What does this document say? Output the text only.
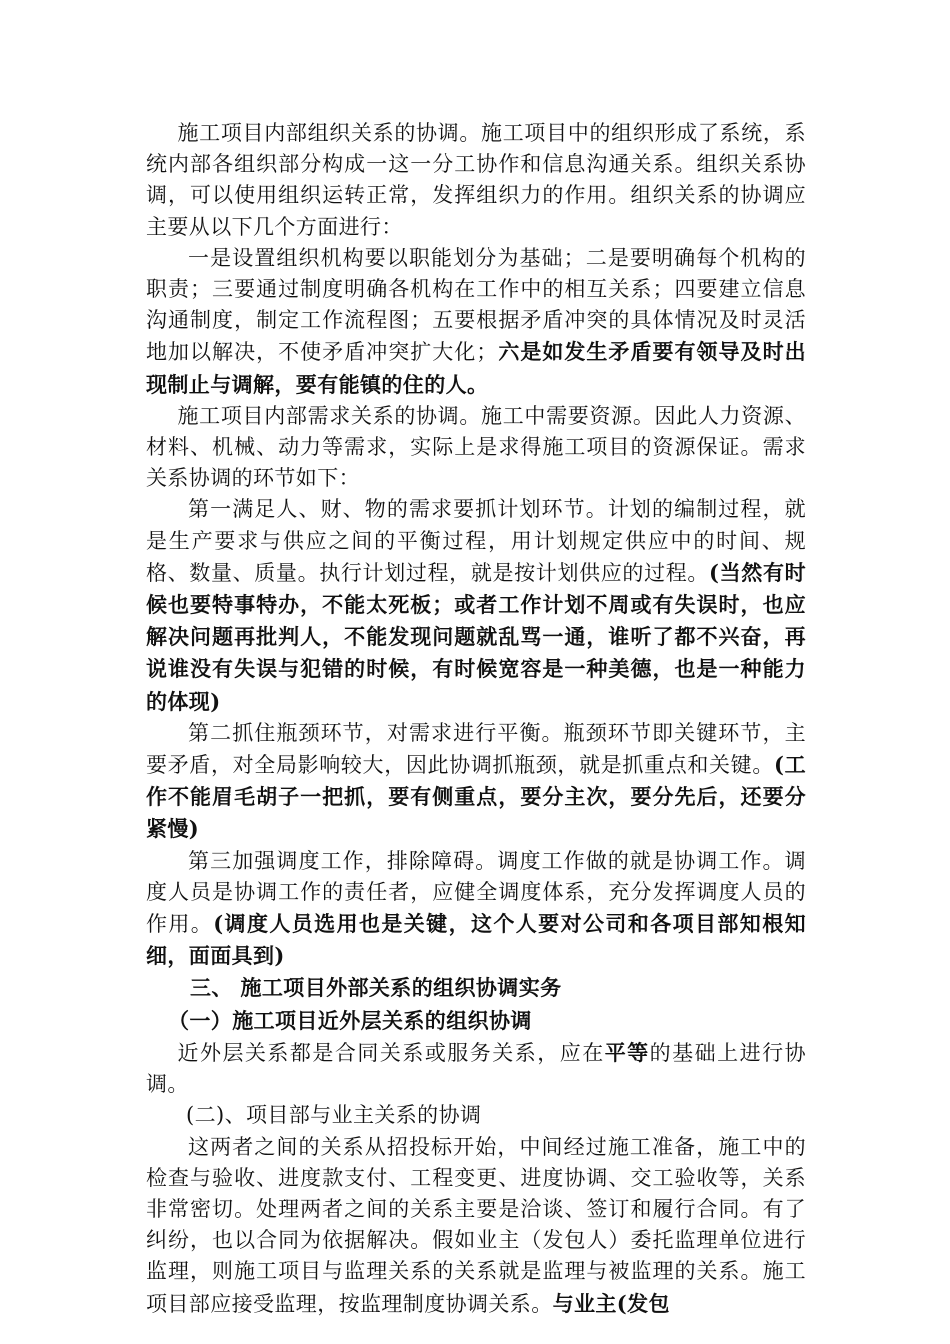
施工项目内部组织关系的协调。施工项目中的组织形成了系统，系统内部各组织部分构成一这一分工协作和信息沟通关系。组织关系协调，可以使用组织运转正常，发挥组织力的作用。组织关系的协调应主要从以下几个方面进行：

一是设置组织机构要以职能划分为基础；二是要明确每个机构的职责；三要通过制度明确各机构在工作中的相互关系；四要建立信息沟通制度，制定工作流程图；五要根据矛盾冲突的具体情况及时灵活地加以解决，不使矛盾冲突扩大化；六是如发生矛盾要有领导及时出现制止与调解，要有能镇的住的人。

施工项目内部需求关系的协调。施工中需要资源。因此人力资源、材料、机械、动力等需求，实际上是求得施工项目的资源保证。需求关系协调的环节如下：

第一满足人、财、物的需求要抓计划环节。计划的编制过程，就是生产要求与供应之间的平衡过程，用计划规定供应中的时间、规格、数量、质量。执行计划过程，就是按计划供应的过程。(当然有时候也要特事特办，不能太死板；或者工作计划不周或有失误时，也应解决问题再批判人，不能发现问题就乱骂一通，谁听了都不兴奋，再说谁没有失误与犯错的时候，有时候宽容是一种美德，也是一种能力的体现)

第二抓住瓶颈环节，对需求进行平衡。瓶颈环节即关键环节，主要矛盾，对全局影响较大，因此协调抓瓶颈，就是抓重点和关键。(工作不能眉毛胡子一把抓，要有侧重点，要分主次，要分先后，还要分紧慢)

第三加强调度工作，排除障碍。调度工作做的就是协调工作。调度人员是协调工作的责任者，应健全调度体系，充分发挥调度人员的作用。(调度人员选用也是关键，这个人要对公司和各项目部知根知细，面面具到)

三、 施工项目外部关系的组织协调实务

（一）施工项目近外层关系的组织协调

近外层关系都是合同关系或服务关系，应在平等的基础上进行协调。

(二)、项目部与业主关系的协调

这两者之间的关系从招投标开始，中间经过施工准备，施工中的检查与验收、进度款支付、工程变更、进度协调、交工验收等，关系非常密切。处理两者之间的关系主要是洽谈、签订和履行合同。有了纠纷，也以合同为依据解决。假如业主（发包人）委托监理单位进行监理，则施工项目与监理关系的关系就是监理与被监理的关系。施工项目部应接受监理，按监理制度协调关系。与业主(发包
